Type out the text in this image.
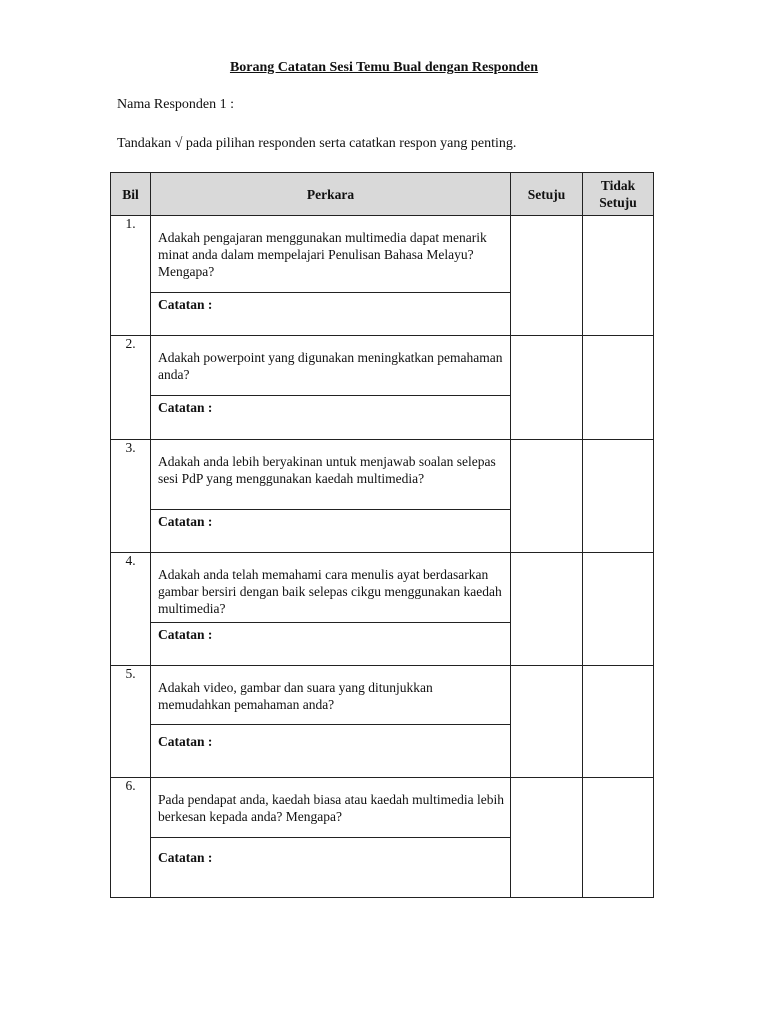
Borang Catatan Sesi Temu Bual dengan Responden
Nama Responden 1 :
Tandakan √ pada pilihan responden serta catatkan respon yang penting.
Bil	Perkara	Setuju	Tidak Setuju
1.	Adakah pengajaran menggunakan multimedia dapat menarik minat anda dalam mempelajari Penulisan Bahasa Melayu? Mengapa?
Catatan :		

2.	Adakah powerpoint yang digunakan meningkatkan pemahaman anda?
Catatan :		

3.	Adakah anda lebih beryakinan untuk menjawab soalan selepas sesi PdP yang menggunakan kaedah multimedia?
Catatan :		

4.	Adakah anda telah memahami cara menulis ayat berdasarkan gambar bersiri dengan baik selepas cikgu menggunakan kaedah multimedia?
Catatan :		

5.	Adakah video, gambar dan suara yang ditunjukkan memudahkan pemahaman anda?
Catatan :		

6.	Pada pendapat anda, kaedah biasa atau kaedah multimedia lebih berkesan kepada anda? Mengapa?
Catatan :		
